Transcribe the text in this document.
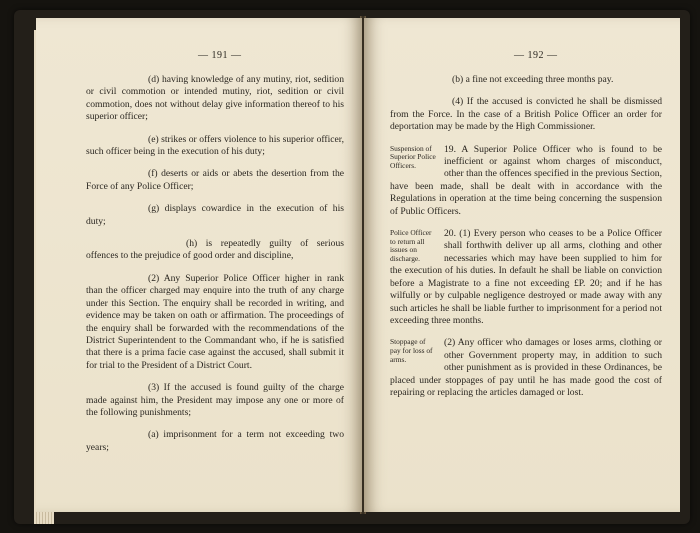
— 191 —

(d) having knowledge of any mutiny, riot, sedition or civil commotion or intended mutiny, riot, sedition or civil commotion, does not without delay give information thereof to his superior officer;

(e) strikes or offers violence to his superior officer, such officer being in the execution of his duty;

(f) deserts or aids or abets the desertion from the Force of any Police Officer;

(g) displays cowardice in the execution of his duty;

(h) is repeatedly guilty of serious offences to the prejudice of good order and discipline,

(2) Any Superior Police Officer higher in rank than the officer charged may enquire into the truth of any charge under this Section. The enquiry shall be recorded in writing, and evidence may be taken on oath or affirmation. The proceedings of the enquiry shall be forwarded with the recommendations of the District Superintendent to the Commandant who, if he is satisfied that there is a prima facie case against the accused, shall submit it for trial to the President of a District Court.

(3) If the accused is found guilty of the charge made against him, the President may impose any one or more of the following punishments;

(a) imprisonment for a term not exceeding two years;

— 192 —

(b) a fine not exceeding three months pay.

(4) If the accused is convicted he shall be dismissed from the Force. In the case of a British Police Officer an order for deportation may be made by the High Commissioner.

Suspension of Superior Police Officers.
19. A Superior Police Officer who is found to be inefficient or against whom charges of misconduct, other than the offences specified in the previous Section, have been made, shall be dealt with in accordance with the Regulations in operation at the time being concerning the suspension of Public Officers.
Police Officer to return all issues on discharge.
20. (1) Every person who ceases to be a Police Officer shall forthwith deliver up all arms, clothing and other necessaries which may have been supplied to him for the execution of his duties. In default he shall be liable on conviction before a Magistrate to a fine not exceeding £P. 20; and if he has wilfully or by culpable negligence destroyed or made away with any such articles he shall be liable further to imprisonment for a period not exceeding three months.
Stoppage of pay for loss of arms.
(2) Any officer who damages or loses arms, clothing or other Government property may, in addition to such other punishment as is provided in these Ordinances, be placed under stoppages of pay until he has made good the cost of repairing or replacing the articles damaged or lost.
